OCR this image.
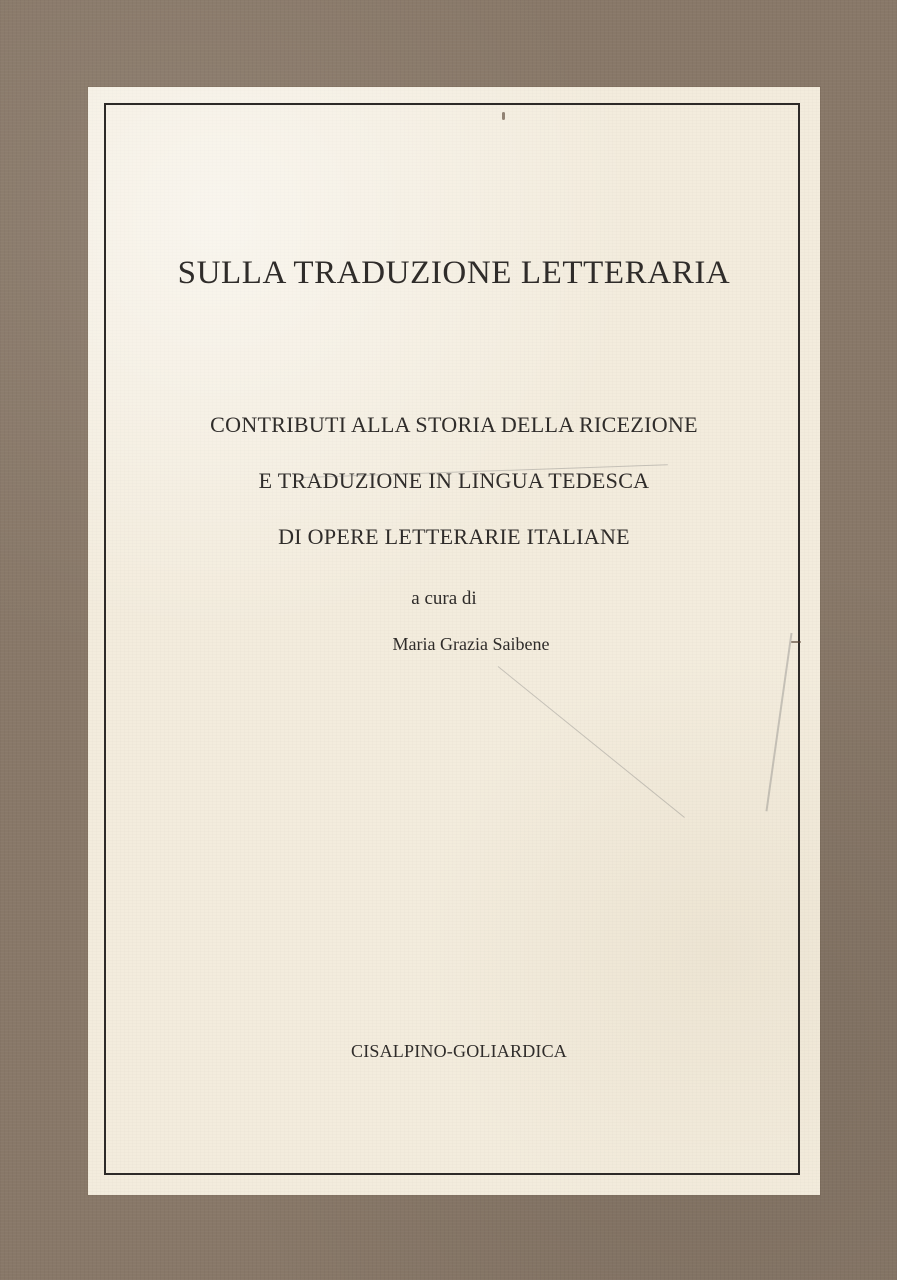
SULLA TRADUZIONE LETTERARIA

CONTRIBUTI ALLA STORIA DELLA RICEZIONE

E TRADUZIONE IN LINGUA TEDESCA

DI OPERE LETTERARIE ITALIANE

a cura di
Maria Grazia Saibene
CISALPINO-GOLIARDICA
